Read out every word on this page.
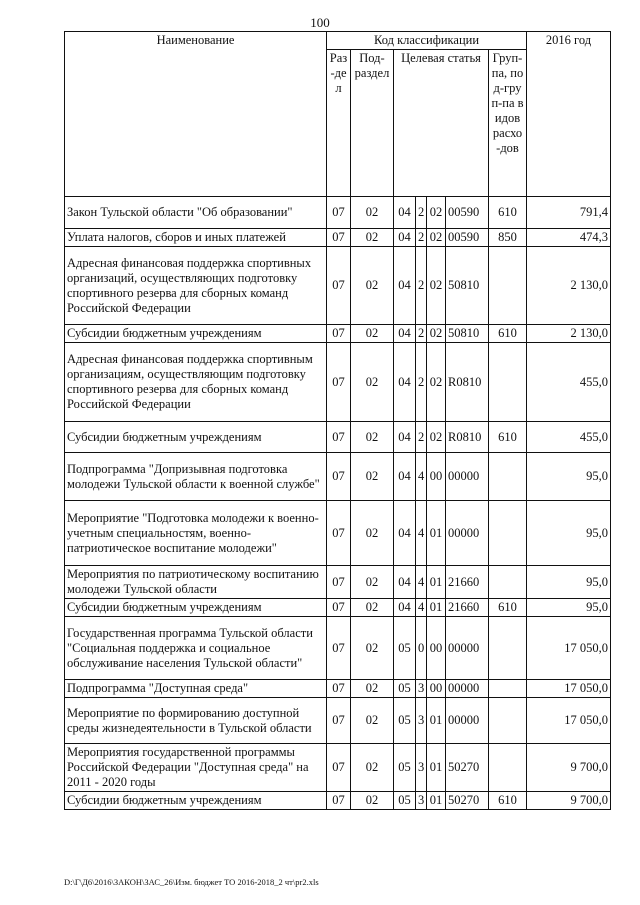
100
Наименование	Код классификации							2016 год
	Раз-дел	Под-раздел	Целевая статья				Груп-па, под-груп-па видов расхо-дов	
Закон Тульской области "Об образовании"	07	02	04	2	02	00590	610	791,4
Уплата налогов, сборов и иных платежей	07	02	04	2	02	00590	850	474,3
Адресная финансовая поддержка спортивных организаций, осуществляющих подготовку спортивного резерва для сборных команд Российской Федерации	07	02	04	2	02	50810		2 130,0
Субсидии бюджетным учреждениям	07	02	04	2	02	50810	610	2 130,0
Адресная финансовая поддержка спортивным организациям, осуществляющим подготовку спортивного резерва для сборных команд Российской Федерации	07	02	04	2	02	R0810		455,0
Субсидии бюджетным учреждениям	07	02	04	2	02	R0810	610	455,0
Подпрограмма "Допризывная подготовка молодежи Тульской области к военной службе"	07	02	04	4	00	00000		95,0
Мероприятие "Подготовка молодежи к военно-учетным специальностям, военно-патриотическое воспитание молодежи"	07	02	04	4	01	00000		95,0
Мероприятия по патриотическому воспитанию молодежи Тульской области	07	02	04	4	01	21660		95,0
Субсидии бюджетным учреждениям	07	02	04	4	01	21660	610	95,0
Государственная программа Тульской области "Социальная поддержка и социальное обслуживание населения Тульской области"	07	02	05	0	00	00000		17 050,0
Подпрограмма "Доступная среда"	07	02	05	3	00	00000		17 050,0
Мероприятие по формированию доступной среды жизнедеятельности в Тульской области	07	02	05	3	01	00000		17 050,0
Мероприятия государственной программы Российской Федерации "Доступная среда" на 2011 - 2020 годы	07	02	05	3	01	50270		9 700,0
Субсидии бюджетным учреждениям	07	02	05	3	01	50270	610	9 700,0
D:\Г\Д6\2016\ЗАКОН\ЗАС_26\Изм. бюджет ТО 2016-2018_2 чт\pr2.xls
